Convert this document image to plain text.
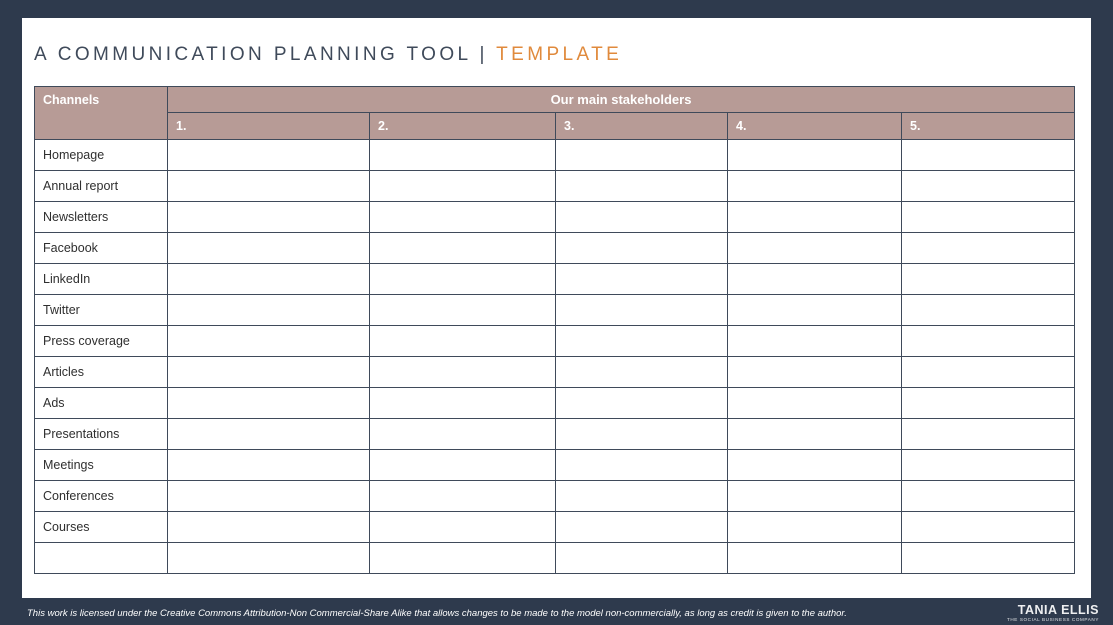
A COMMUNICATION PLANNING TOOL | TEMPLATE
Channels	Our main stakeholders				
	1.	2.	3.	4.	5.
Homepage					
Annual report					
Newsletters					
Facebook					
LinkedIn					
Twitter					
Press coverage					
Articles					
Ads					
Presentations					
Meetings					
Conferences					
Courses					

This work is licensed under the Creative Commons Attribution-Non Commercial-Share Alike that allows changes to be made to the model non-commercially, as long as credit is given to the author.	TANIA ELLIS
THE SOCIAL BUSINESS COMPANY
